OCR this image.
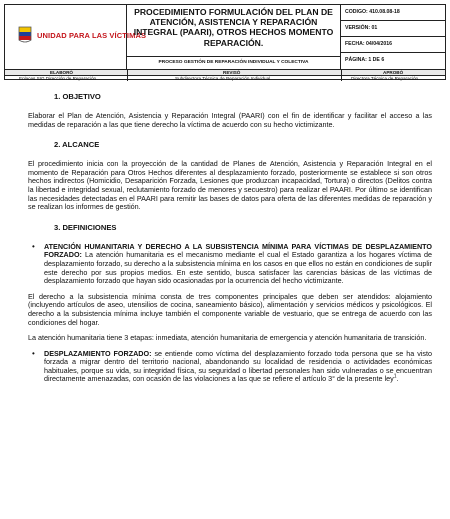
UNIDAD PARA LAS VÍCTIMAS
PROCEDIMIENTO FORMULACIÓN DEL PLAN DE ATENCIÓN, ASISTENCIA Y REPARACIÓN INTEGRAL (PAARI), OTROS HECHOS MOMENTO REPARACIÓN.
PROCESO GESTIÓN DE REPARACIÓN INDIVIDUAL Y COLECTIVA
CODIGO: 410.08.08-18
VERSIÓN: 01
FECHA: 04/04/2016
PÁGINA: 1 DE 6
ELABORÓ	REVISÓ	APROBÓ
Enlaces SIG Dirección de Reparación	Subdirectora Técnica de Reparación Individual	Directora Técnica de Reparación

1. OBJETIVO

Elaborar el Plan de Atención, Asistencia y Reparación Integral (PAARI) con el fin de identificar y facilitar el acceso a las medidas de reparación a las que tiene derecho la víctima de acuerdo con su hecho victimizante.

2. ALCANCE

El procedimiento inicia con la proyección de la cantidad de Planes de Atención, Asistencia y Reparación Integral en el momento de Reparación para Otros Hechos diferentes al desplazamiento forzado, posteriormente se establece si son otros hechos indirectos (Homicidio, Desaparición Forzada, Lesiones que produzcan incapacidad, Tortura) o directos (Delitos contra la libertad e integridad sexual, reclutamiento forzado de menores y secuestro) para realizar el PAARI. Por último se identifican las necesidades detectadas en el PAARI para remitir las bases de datos para oferta de las diferentes medidas de reparación y se realizan los informes de gestión.

3. DEFINICIONES

• ATENCIÓN HUMANITARIA Y DERECHO A LA SUBSISTENCIA MÍNIMA PARA VÍCTIMAS DE DESPLAZAMIENTO FORZADO: La atención humanitaria es el mecanismo mediante el cual el Estado garantiza a los hogares víctima de desplazamiento forzado, su derecho a la subsistencia mínima en los casos en que ellos no están en condiciones de suplir este derecho por sus propios medios. En este sentido, busca satisfacer las carencias básicas de las víctimas de desplazamiento forzado que hayan sido ocasionadas por la ocurrencia del hecho victimizante.

El derecho a la subsistencia mínima consta de tres componentes principales que deben ser atendidos: alojamiento (incluyendo artículos de aseo, utensilios de cocina, saneamiento básico), alimentación y servicios médicos y psicológicos. El derecho a la subsistencia mínima incluye también el componente variable de vestuario, que se entrega de acuerdo con las condiciones del hogar.

La atención humanitaria tiene 3 etapas: inmediata, atención humanitaria de emergencia y atención humanitaria de transición.

• DESPLAZAMIENTO FORZADO: se entiende como víctima del desplazamiento forzado toda persona que se ha visto forzada a migrar dentro del territorio nacional, abandonando su localidad de residencia o actividades económicas habituales, porque su vida, su integridad física, su seguridad o libertad personales han sido vulneradas o se encuentran directamente amenazadas, con ocasión de las violaciones a las que se refiere el artículo 3° de la presente ley$^1$.
